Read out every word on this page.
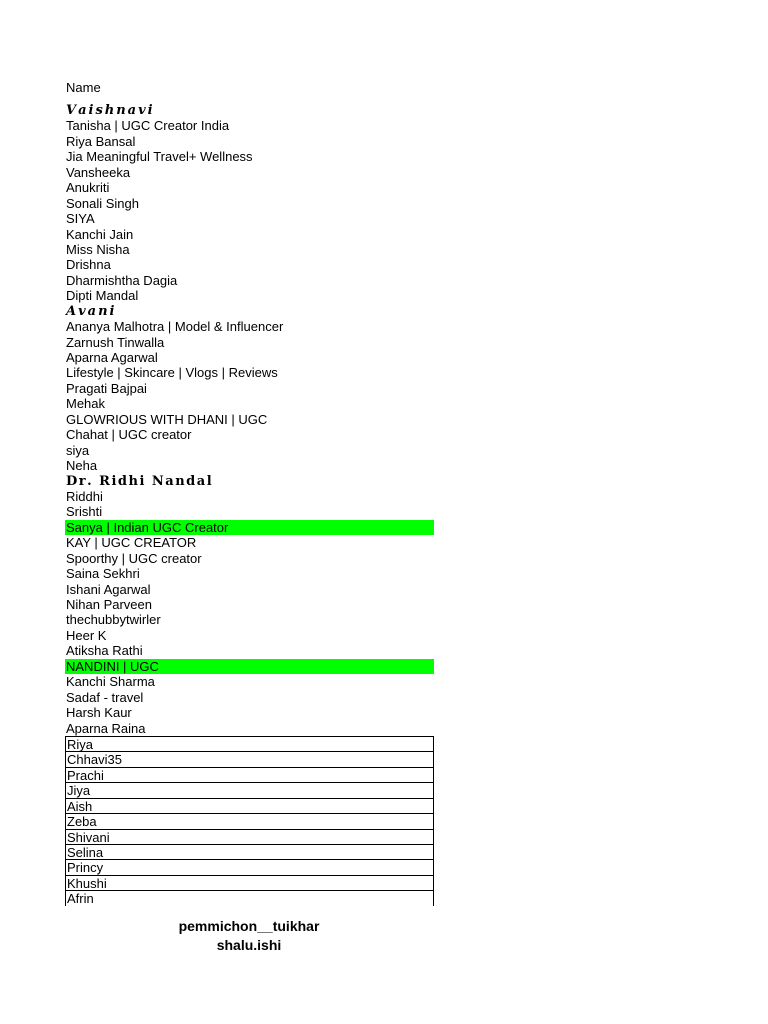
Name
𝑽𝒂𝒊𝒔𝒉𝒏𝒂𝒗𝒊
Tanisha | UGC Creator India
Riya Bansal
Jia Meaningful Travel+ Wellness
Vansheeka
Anukriti
Sonali Singh
SIYA
Kanchi Jain
Miss Nisha
Drishna
Dharmishtha Dagia
Dipti Mandal
𝑨𝒗𝒂𝒏𝒊
Ananya Malhotra | Model & Influencer
Zarnush Tinwalla
Aparna Agarwal
Lifestyle | Skincare | Vlogs | Reviews
Pragati Bajpai
Mehak
GLOWRIOUS WITH DHANI | UGC
Chahat | UGC creator
siya
Neha
𝐃𝐫. 𝐑𝐢𝐝𝐡𝐢 𝐍𝐚𝐧𝐝𝐚𝐥
Riddhi
Srishti
Sanya | Indian UGC Creator
KAY | UGC CREATOR
Spoorthy | UGC creator
Saina Sekhri
Ishani Agarwal
Nihan Parveen
thechubbytwirler
Heer K
Atiksha Rathi
NANDINI | UGC
Kanchi Sharma
Sadaf - travel
Harsh Kaur
Aparna Raina
Riya
Chhavi35
Prachi
Jiya
Aish
Zeba
Shivani
Selina
Princy
Khushi
Afrin
pemmichon__tuikhar
shalu.ishi
